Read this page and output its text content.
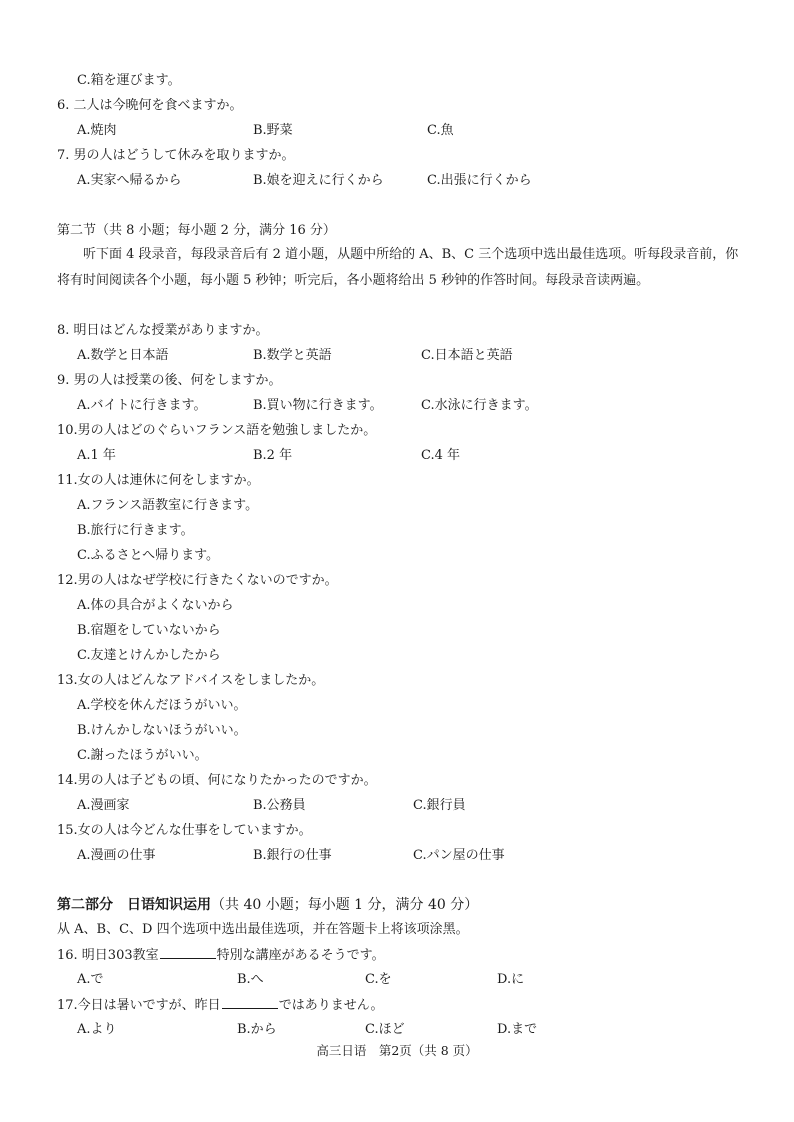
C.箱を運びます。
6. 二人は今晩何を食べますか。
A.焼肉	B.野菜	C.魚
7. 男の人はどうして休みを取りますか。
A.実家へ帰るから	B.娘を迎えに行くから	C.出張に行くから
第二节（共 8 小题；每小题 2 分，满分 16 分）
听下面 4 段录音，每段录音后有 2 道小题，从题中所给的 A、B、C 三个选项中选出最佳选项。听每段录音前，你将有时间阅读各个小题，每小题 5 秒钟；听完后，各小题将给出 5 秒钟的作答时间。每段录音读两遍。
8. 明日はどんな授業がありますか。
A.数学と日本語	B.数学と英語	C.日本語と英語
9. 男の人は授業の後、何をしますか。
A.バイトに行きます。	B.買い物に行きます。	C.水泳に行きます。
10.男の人はどのぐらいフランス語を勉強しましたか。
A.1 年	B.2 年	C.4 年
11.女の人は連休に何をしますか。
A.フランス語教室に行きます。
B.旅行に行きます。
C.ふるさとへ帰ります。
12.男の人はなぜ学校に行きたくないのですか。
A.体の具合がよくないから
B.宿題をしていないから
C.友達とけんかしたから
13.女の人はどんなアドバイスをしましたか。
A.学校を休んだほうがいい。
B.けんかしないほうがいい。
C.謝ったほうがいい。
14.男の人は子どもの頃、何になりたかったのですか。
A.漫画家	B.公務員	C.銀行員
15.女の人は今どんな仕事をしていますか。
A.漫画の仕事	B.銀行の仕事	C.パン屋の仕事
第二部分　日语知识运用（共 40 小题；每小题 1 分，满分 40 分）
从 A、B、C、D 四个选项中选出最佳选项，并在答题卡上将该项涂黑。
16. 明日303教室	特別な講座があるそうです。
A.で	B.へ	C.を	D.に
17.今日は暑いですが、昨日	ではありません。
A.より	B.から	C.ほど	D.まで
高三日语　第2页（共 8 页）
